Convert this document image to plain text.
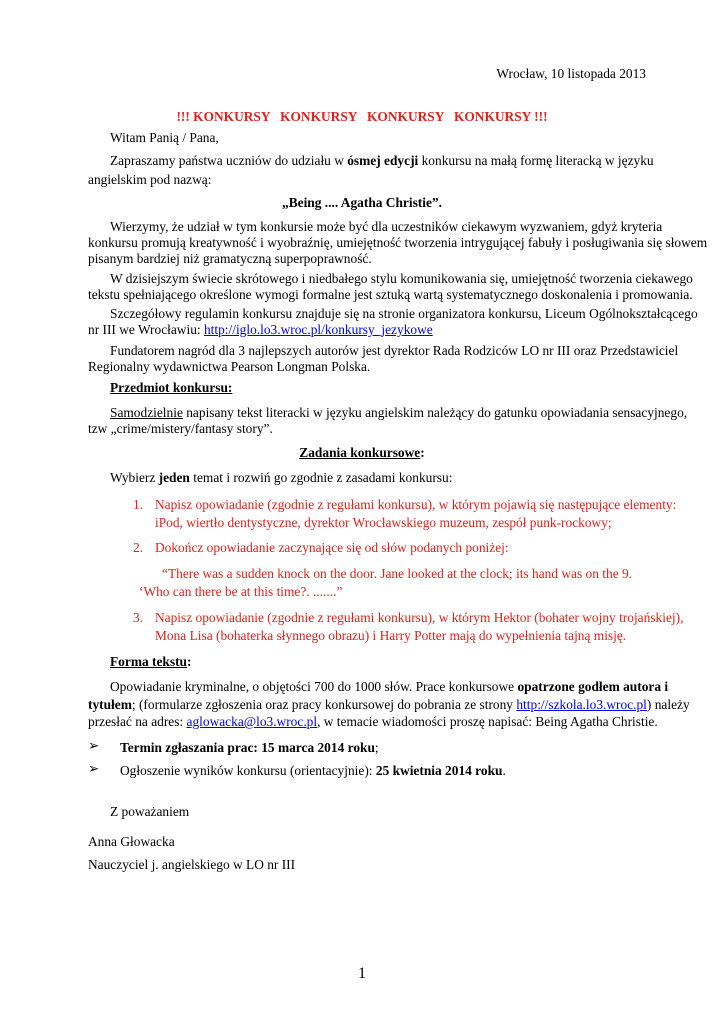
Wrocław, 10 listopada 2013

!!! KONKURSY   KONKURSY   KONKURSY   KONKURSY !!!

Witam Panią / Pana,

Zapraszamy państwa uczniów do udziału w ósmej edycji konkursu na małą formę literacką w języku

angielskim pod nazwą:

„Being .... Agatha Christie”.

Wierzymy, że udział w tym konkursie może być dla uczestników ciekawym wyzwaniem, gdyż kryteria

konkursu promują kreatywność i wyobraźnię, umiejętność tworzenia intrygującej fabuły i posługiwania się słowem

pisanym bardziej niż gramatyczną superpoprawność.

W dzisiejszym świecie skrótowego i niedbałego stylu komunikowania się, umiejętność tworzenia ciekawego

tekstu spełniającego określone wymogi formalne jest sztuką wartą systematycznego doskonalenia i promowania.

Szczegółowy regulamin konkursu znajduje się na stronie organizatora konkursu, Liceum Ogólnokształcącego

nr III we Wrocławiu: http://iglo.lo3.wroc.pl/konkursy_jezykowe

Fundatorem nagród dla 3 najlepszych autorów jest dyrektor Rada Rodziców LO nr III oraz Przedstawiciel

Regionalny wydawnictwa Pearson Longman Polska.

Przedmiot konkursu:

Samodzielnie napisany tekst literacki w języku angielskim należący do gatunku opowiadania sensacyjnego,

tzw „crime/mistery/fantasy story”.

Zadania konkursowe:

Wybierz jeden temat i rozwiń go zgodnie z zasadami konkursu:

1. Napisz opowiadanie (zgodnie z regułami konkursu), w którym pojawią się następujące elementy:

iPod, wiertło dentystyczne, dyrektor Wrocławskiego muzeum, zespół punk-rockowy;

2. Dokończ opowiadanie zaczynające się od słów podanych poniżej:

“There was a sudden knock on the door. Jane looked at the clock; its hand was on the 9.

‘Who can there be at this time?. .......”

3. Napisz opowiadanie (zgodnie z regułami konkursu), w którym Hektor (bohater wojny trojańskiej),

Mona Lisa (bohaterka słynnego obrazu) i Harry Potter mają do wypełnienia tajną misję.

Forma tekstu:

Opowiadanie kryminalne, o objętości 700 do 1000 słów. Prace konkursowe opatrzone godłem autora i

tytułem; (formularze zgłoszenia oraz pracy konkursowej do pobrania ze strony http://szkola.lo3.wroc.pl) należy

przesłać na adres: aglowacka@lo3.wroc.pl, w temacie wiadomości proszę napisać: Being Agatha Christie.

➢ Termin zgłaszania prac: 15 marca 2014 roku;

➢ Ogłoszenie wyników konkursu (orientacyjnie): 25 kwietnia 2014 roku.

Z poważaniem

Anna Głowacka

Nauczyciel j. angielskiego w LO nr III

1
